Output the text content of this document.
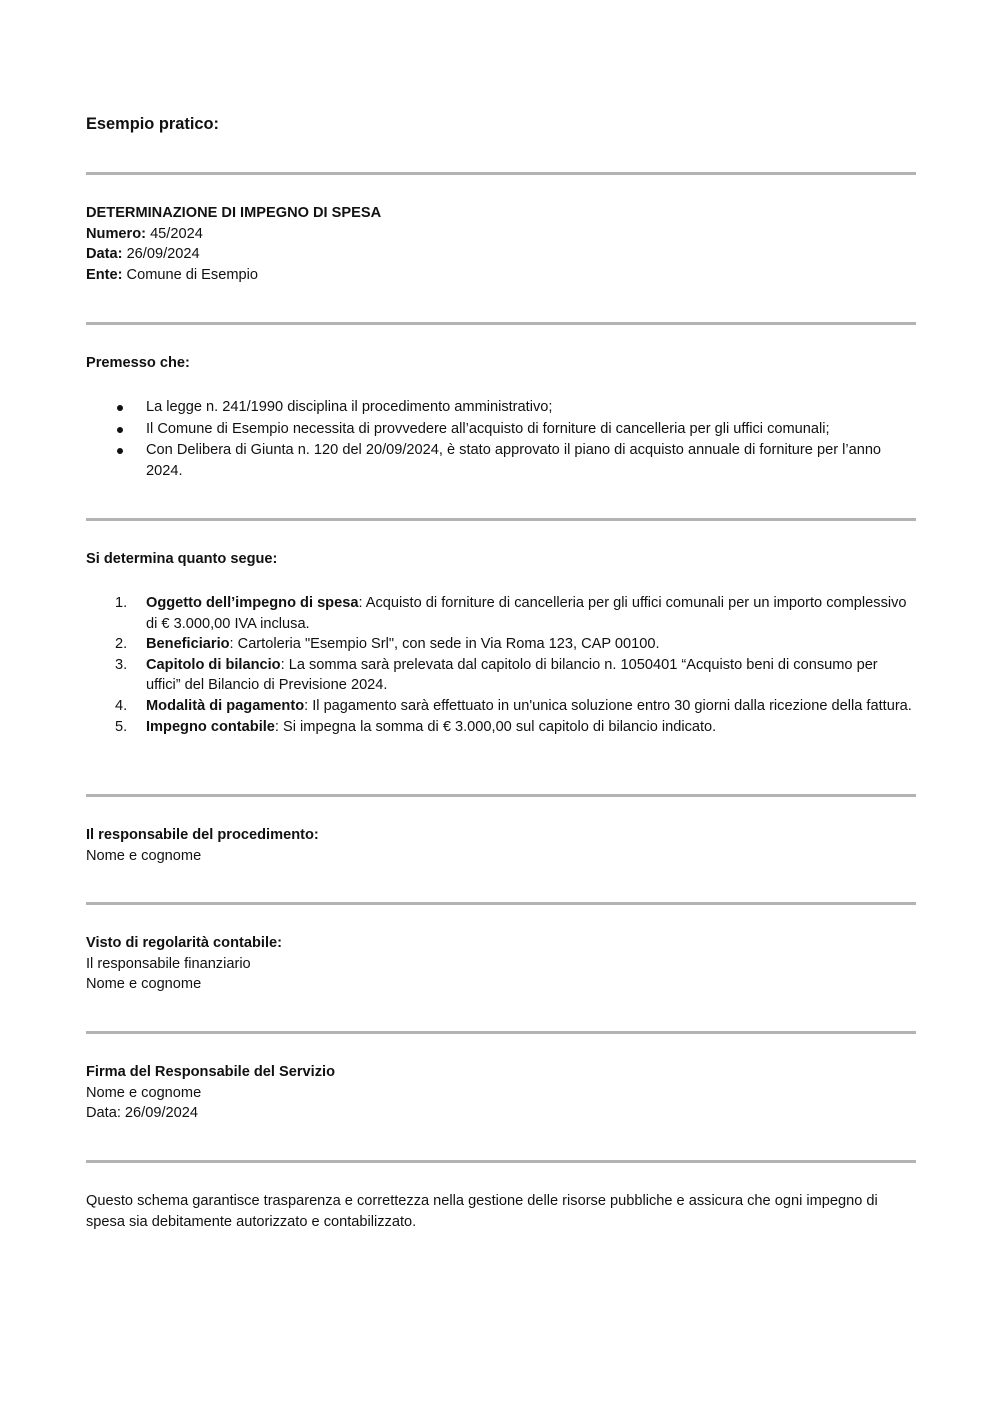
Esempio pratico:
DETERMINAZIONE DI IMPEGNO DI SPESA
Numero: 45/2024
Data: 26/09/2024
Ente: Comune di Esempio
Premesso che:
La legge n. 241/1990 disciplina il procedimento amministrativo;
Il Comune di Esempio necessita di provvedere all’acquisto di forniture di cancelleria per gli uffici comunali;
Con Delibera di Giunta n. 120 del 20/09/2024, è stato approvato il piano di acquisto annuale di forniture per l’anno 2024.
Si determina quanto segue:
1. Oggetto dell’impegno di spesa: Acquisto di forniture di cancelleria per gli uffici comunali per un importo complessivo di € 3.000,00 IVA inclusa.
2. Beneficiario: Cartoleria "Esempio Srl", con sede in Via Roma 123, CAP 00100.
3. Capitolo di bilancio: La somma sarà prelevata dal capitolo di bilancio n. 1050401 “Acquisto beni di consumo per uffici” del Bilancio di Previsione 2024.
4. Modalità di pagamento: Il pagamento sarà effettuato in un'unica soluzione entro 30 giorni dalla ricezione della fattura.
5. Impegno contabile: Si impegna la somma di € 3.000,00 sul capitolo di bilancio indicato.
Il responsabile del procedimento:
Nome e cognome
Visto di regolarità contabile:
Il responsabile finanziario
Nome e cognome
Firma del Responsabile del Servizio
Nome e cognome
Data: 26/09/2024
Questo schema garantisce trasparenza e correttezza nella gestione delle risorse pubbliche e assicura che ogni impegno di spesa sia debitamente autorizzato e contabilizzato.
